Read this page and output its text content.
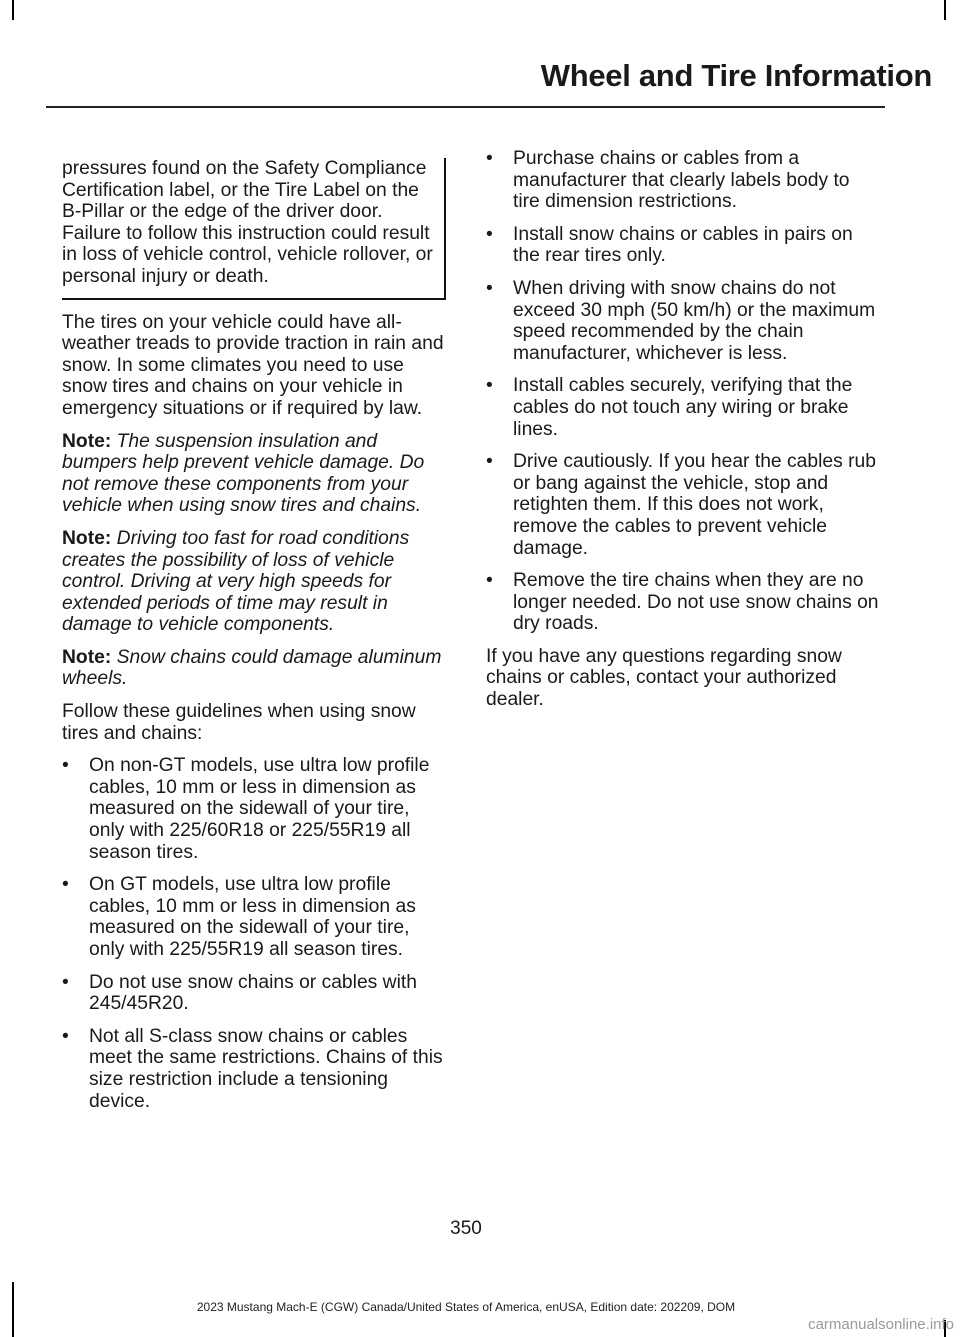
Wheel and Tire Information

pressures found on the Safety Compliance Certification label, or the Tire Label on the B-Pillar or the edge of the driver door. Failure to follow this instruction could result in loss of vehicle control, vehicle rollover, or personal injury or death.

The tires on your vehicle could have all-weather treads to provide traction in rain and snow. In some climates you need to use snow tires and chains on your vehicle in emergency situations or if required by law.

Note: The suspension insulation and bumpers help prevent vehicle damage. Do not remove these components from your vehicle when using snow tires and chains.

Note: Driving too fast for road conditions creates the possibility of loss of vehicle control. Driving at very high speeds for extended periods of time may result in damage to vehicle components.

Note: Snow chains could damage aluminum wheels.

Follow these guidelines when using snow tires and chains:

• On non-GT models, use ultra low profile cables, 10 mm or less in dimension as measured on the sidewall of your tire, only with 225/60R18 or 225/55R19 all season tires.
• On GT models, use ultra low profile cables, 10 mm or less in dimension as measured on the sidewall of your tire, only with 225/55R19 all season tires.
• Do not use snow chains or cables with 245/45R20.
• Not all S-class snow chains or cables meet the same restrictions. Chains of this size restriction include a tensioning device.
• Purchase chains or cables from a manufacturer that clearly labels body to tire dimension restrictions.
• Install snow chains or cables in pairs on the rear tires only.
• When driving with snow chains do not exceed 30 mph (50 km/h) or the maximum speed recommended by the chain manufacturer, whichever is less.
• Install cables securely, verifying that the cables do not touch any wiring or brake lines.
• Drive cautiously. If you hear the cables rub or bang against the vehicle, stop and retighten them. If this does not work, remove the cables to prevent vehicle damage.
• Remove the tire chains when they are no longer needed. Do not use snow chains on dry roads.

If you have any questions regarding snow chains or cables, contact your authorized dealer.

350
2023 Mustang Mach-E (CGW) Canada/United States of America, enUSA, Edition date: 202209, DOM
carmanualsonline.info
